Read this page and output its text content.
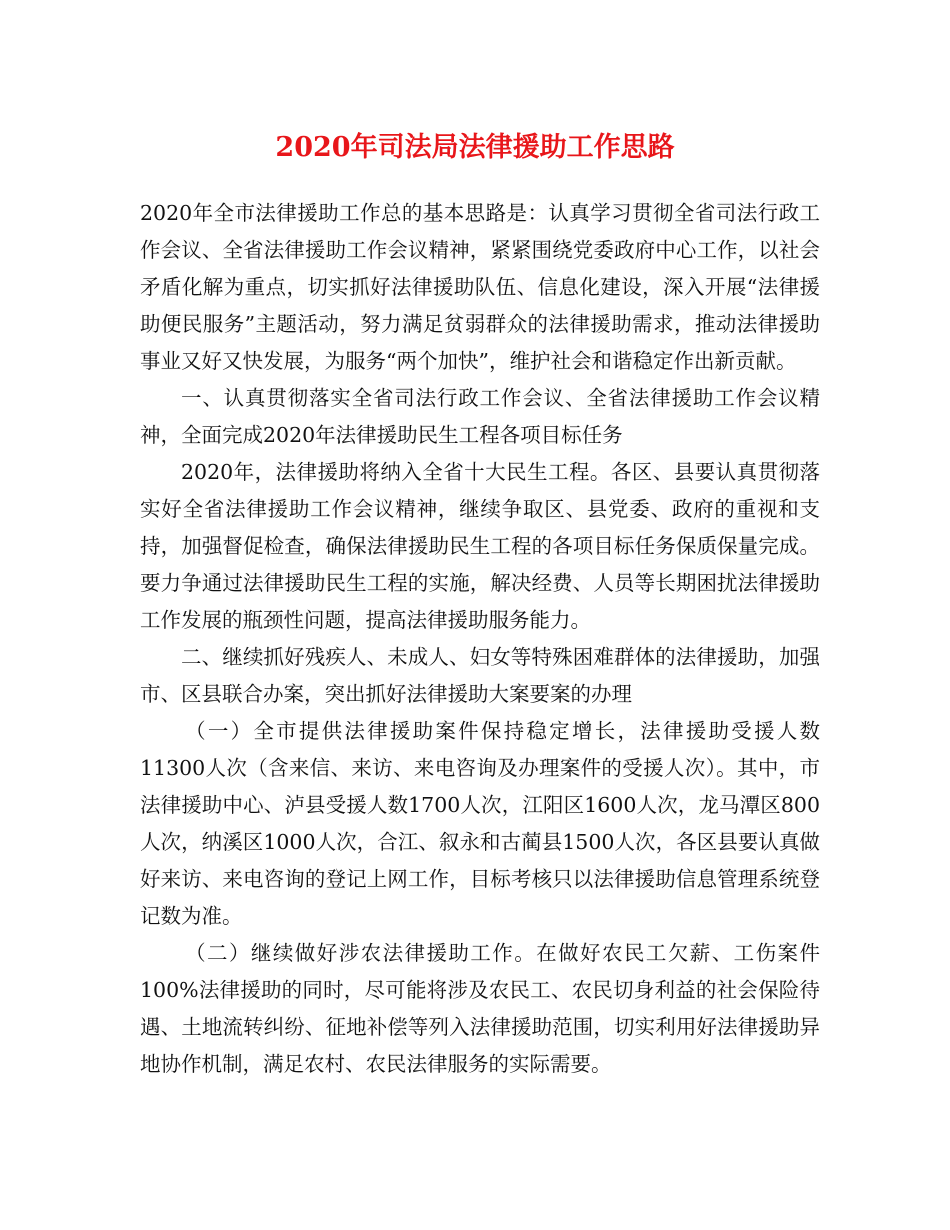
2020年司法局法律援助工作思路

2020年全市法律援助工作总的基本思路是：认真学习贯彻全省司法行政工作会议、全省法律援助工作会议精神，紧紧围绕党委政府中心工作，以社会矛盾化解为重点，切实抓好法律援助队伍、信息化建设，深入开展“法律援助便民服务”主题活动，努力满足贫弱群众的法律援助需求，推动法律援助事业又好又快发展，为服务“两个加快”，维护社会和谐稳定作出新贡献。

一、认真贯彻落实全省司法行政工作会议、全省法律援助工作会议精神，全面完成2020年法律援助民生工程各项目标任务

2020年，法律援助将纳入全省十大民生工程。各区、县要认真贯彻落实好全省法律援助工作会议精神，继续争取区、县党委、政府的重视和支持，加强督促检查，确保法律援助民生工程的各项目标任务保质保量完成。要力争通过法律援助民生工程的实施，解决经费、人员等长期困扰法律援助工作发展的瓶颈性问题，提高法律援助服务能力。

二、继续抓好残疾人、未成人、妇女等特殊困难群体的法律援助，加强市、区县联合办案，突出抓好法律援助大案要案的办理

（一）全市提供法律援助案件保持稳定增长，法律援助受援人数11300人次（含来信、来访、来电咨询及办理案件的受援人次）。其中，市法律援助中心、泸县受援人数1700人次，江阳区1600人次，龙马潭区800人次，纳溪区1000人次，合江、叙永和古蔺县1500人次，各区县要认真做好来访、来电咨询的登记上网工作，目标考核只以法律援助信息管理系统登记数为准。

（二）继续做好涉农法律援助工作。在做好农民工欠薪、工伤案件100%法律援助的同时，尽可能将涉及农民工、农民切身利益的社会保险待遇、土地流转纠纷、征地补偿等列入法律援助范围，切实利用好法律援助异地协作机制，满足农村、农民法律服务的实际需要。
